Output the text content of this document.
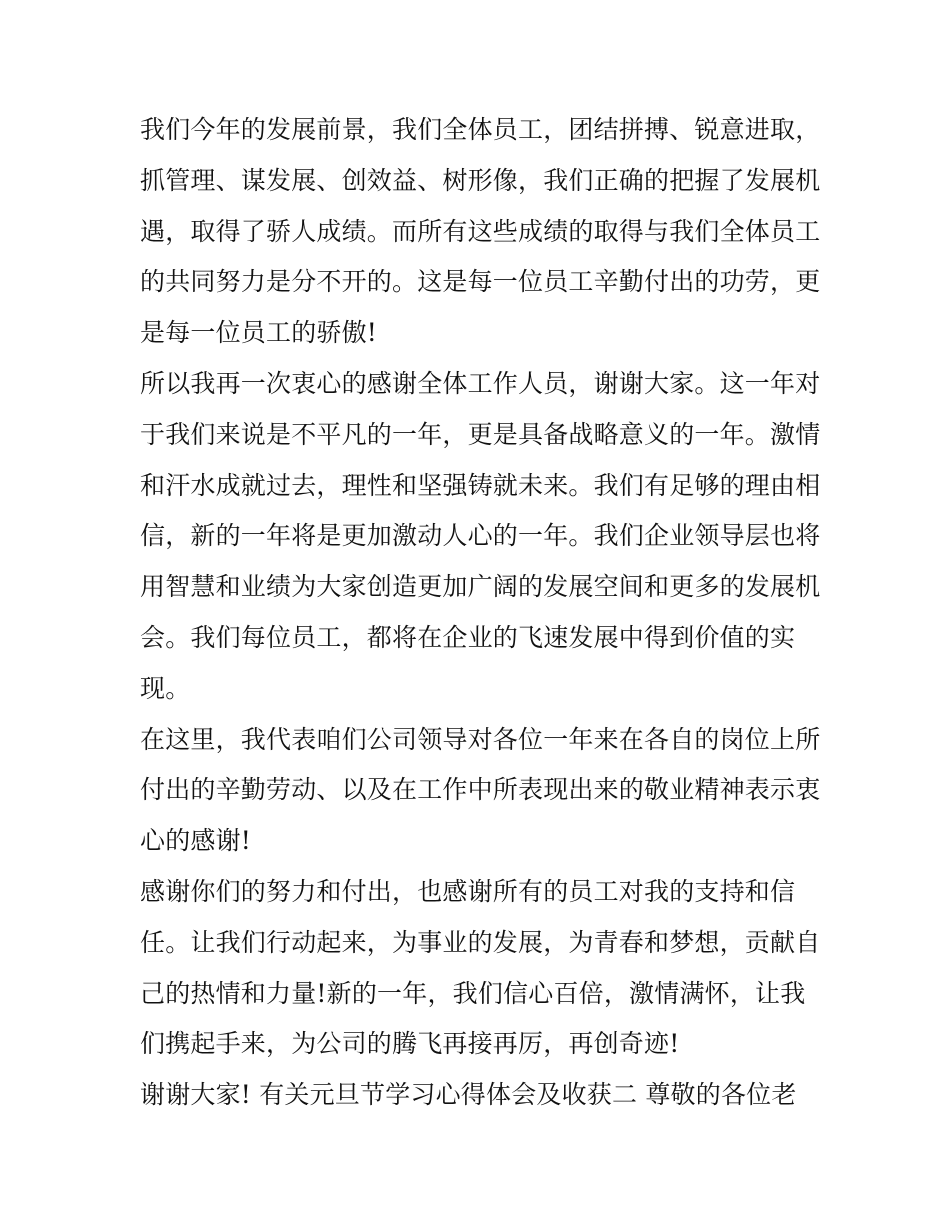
我们今年的发展前景，我们全体员工，团结拼搏、锐意进取，
抓管理、谋发展、创效益、树形像，我们正确的把握了发展机
遇，取得了骄人成绩。而所有这些成绩的取得与我们全体员工
的共同努力是分不开的。这是每一位员工辛勤付出的功劳，更
是每一位员工的骄傲!
所以我再一次衷心的感谢全体工作人员，谢谢大家。这一年对
于我们来说是不平凡的一年，更是具备战略意义的一年。激情
和汗水成就过去，理性和坚强铸就未来。我们有足够的理由相
信，新的一年将是更加激动人心的一年。我们企业领导层也将
用智慧和业绩为大家创造更加广阔的发展空间和更多的发展机
会。我们每位员工，都将在企业的飞速发展中得到价值的实
现。
在这里，我代表咱们公司领导对各位一年来在各自的岗位上所
付出的辛勤劳动、以及在工作中所表现出来的敬业精神表示衷
心的感谢!
感谢你们的努力和付出，也感谢所有的员工对我的支持和信
任。让我们行动起来，为事业的发展，为青春和梦想，贡献自
己的热情和力量!新的一年，我们信心百倍，激情满怀，让我
们携起手来，为公司的腾飞再接再厉，再创奇迹!
谢谢大家! 有关元旦节学习心得体会及收获二 尊敬的各位老
